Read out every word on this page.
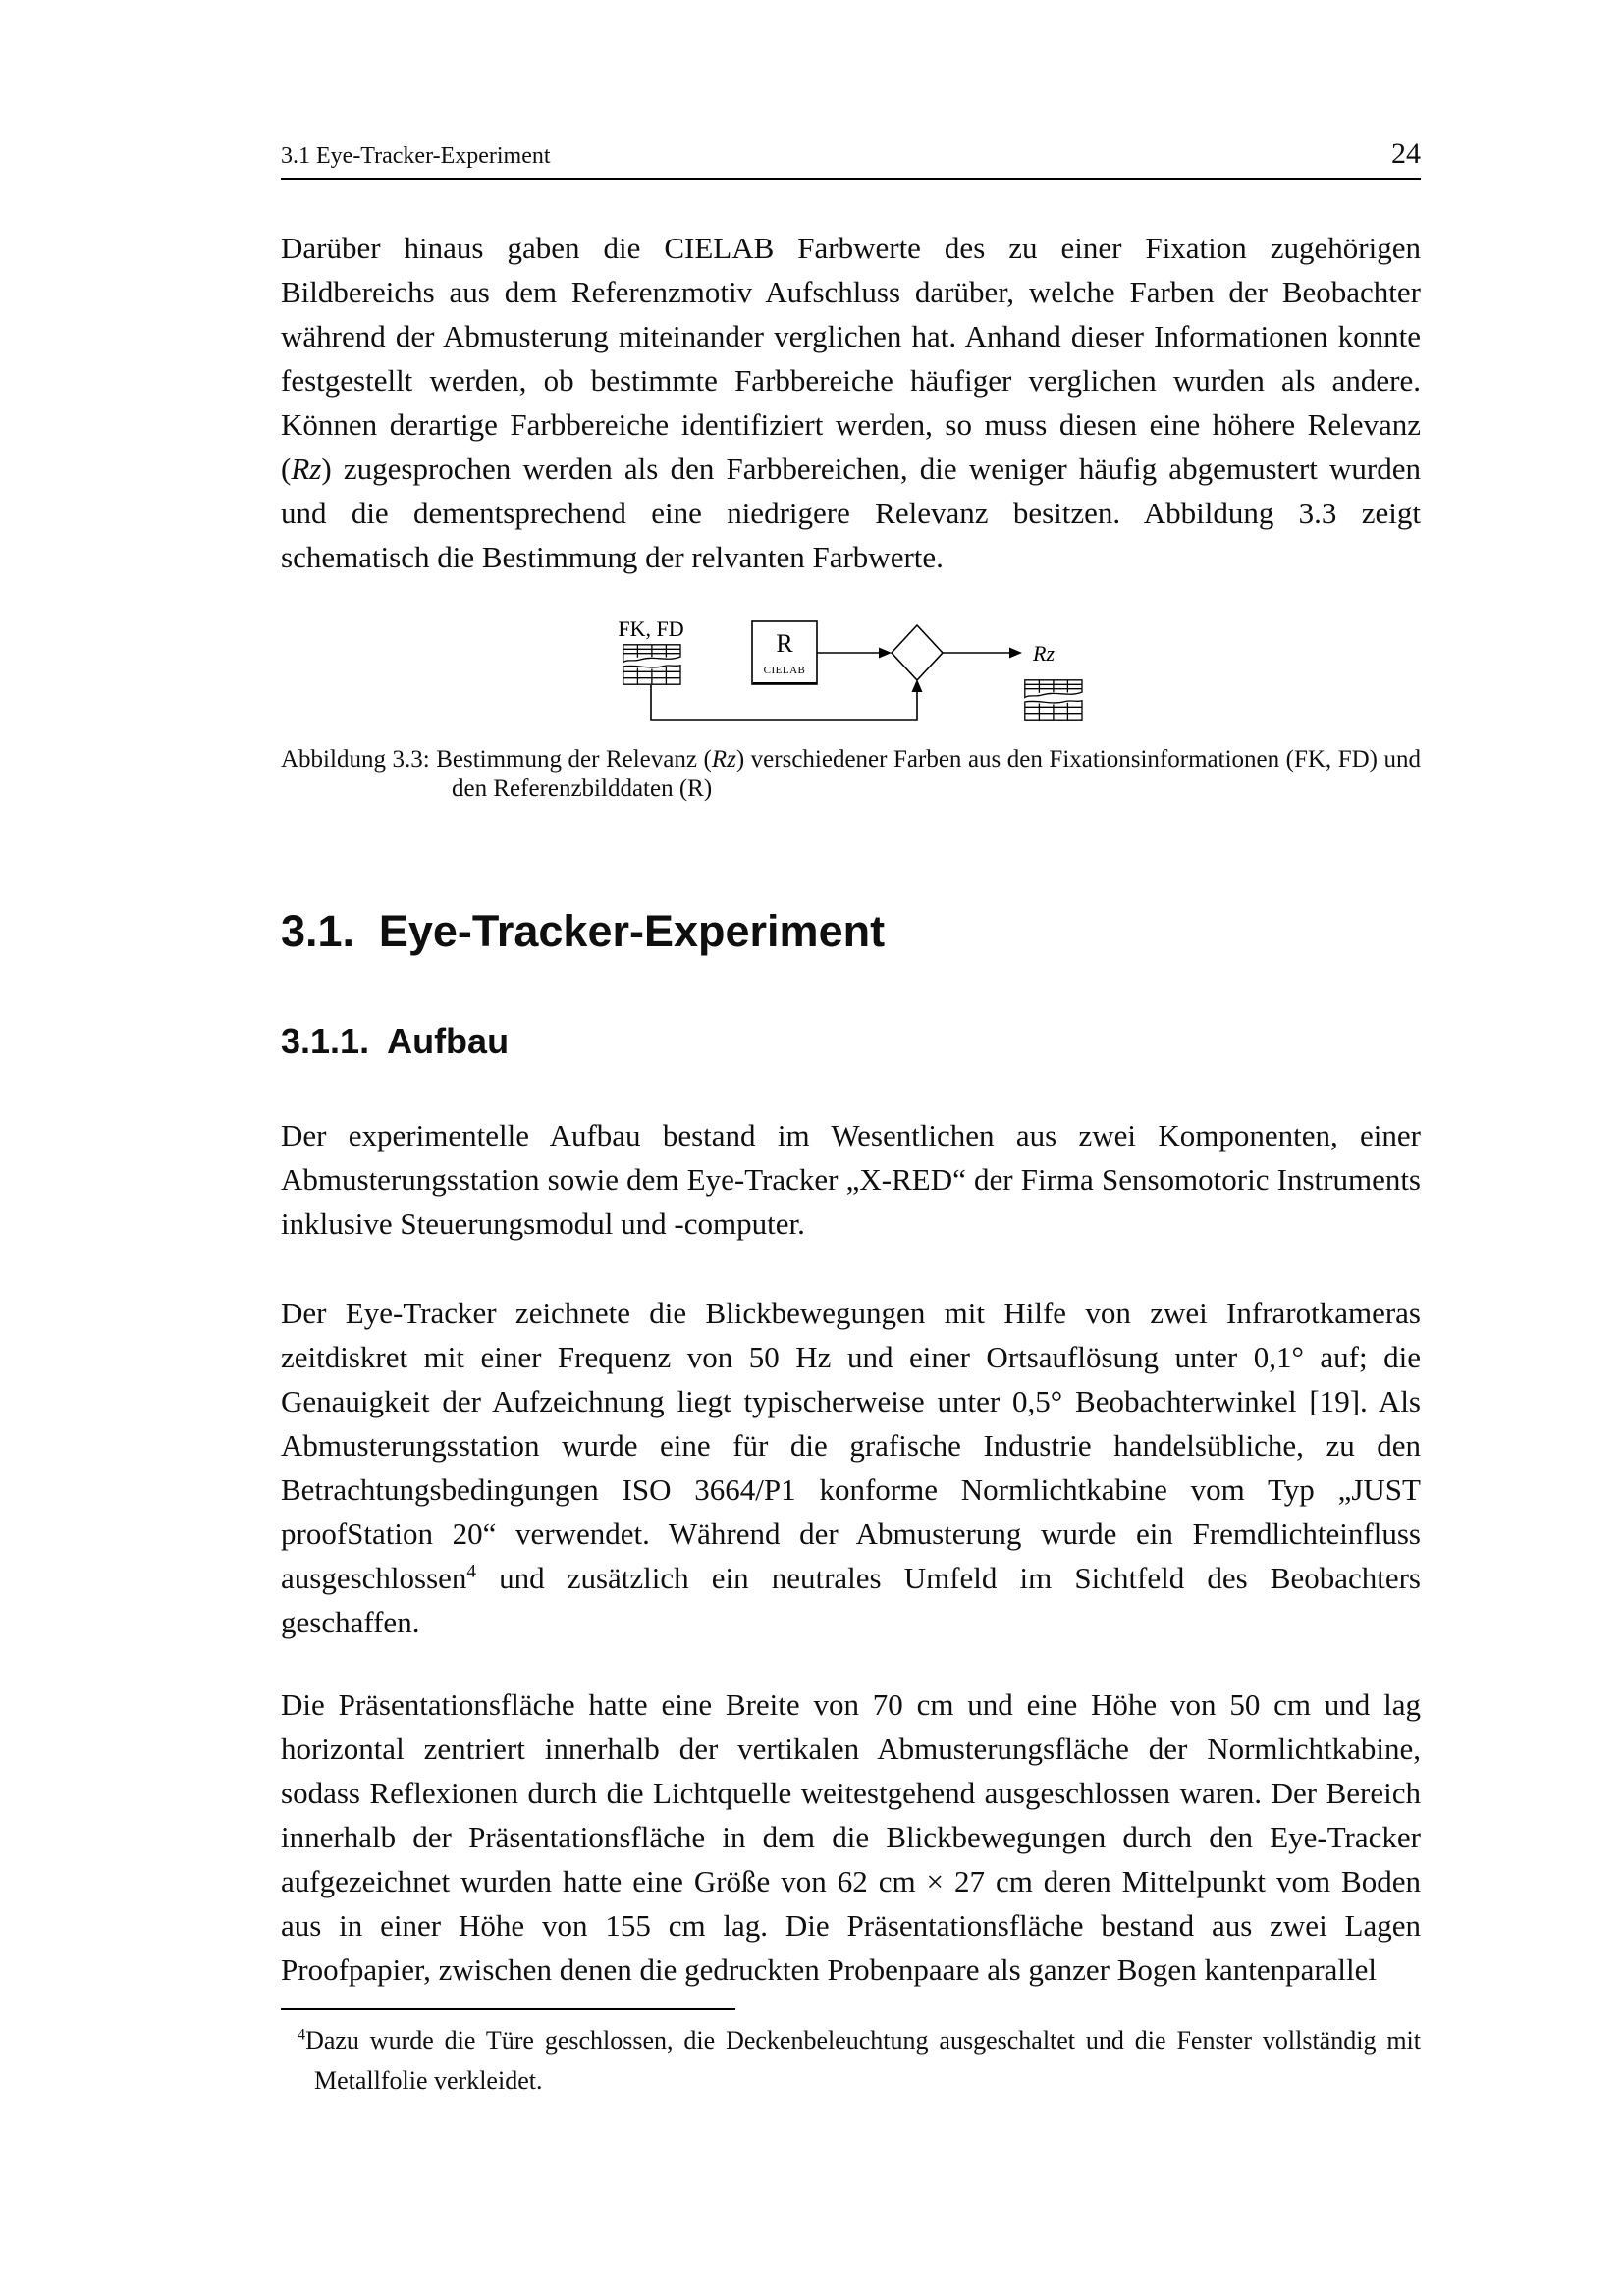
3.1 Eye-Tracker-Experiment	24

Darüber hinaus gaben die CIELAB Farbwerte des zu einer Fixation zugehörigen Bildbereichs aus dem Referenzmotiv Aufschluss darüber, welche Farben der Beobachter während der Abmusterung miteinander verglichen hat. Anhand dieser Informationen konnte festgestellt werden, ob bestimmte Farbbereiche häufiger verglichen wurden als andere. Können derartige Farbbereiche identifiziert werden, so muss diesen eine höhere Relevanz (Rz) zugesprochen werden als den Farbbereichen, die weniger häufig abgemustert wurden und die dementsprechend eine niedrigere Relevanz besitzen. Abbildung 3.3 zeigt schematisch die Bestimmung der relvanten Farbwerte.

FK, FD
R
CIELAB
Rz

Abbildung 3.3: Bestimmung der Relevanz (Rz) verschiedener Farben aus den Fixationsinformationen (FK, FD) und den Referenzbilddaten (R)

3.1. Eye-Tracker-Experiment
3.1.1. Aufbau

Der experimentelle Aufbau bestand im Wesentlichen aus zwei Komponenten, einer Abmusterungsstation sowie dem Eye-Tracker „X-RED“ der Firma Sensomotoric Instruments inklusive Steuerungsmodul und -computer.

Der Eye-Tracker zeichnete die Blickbewegungen mit Hilfe von zwei Infrarotkameras zeitdiskret mit einer Frequenz von 50 Hz und einer Ortsauflösung unter 0,1° auf; die Genauigkeit der Aufzeichnung liegt typischerweise unter 0,5° Beobachterwinkel [19]. Als Abmusterungsstation wurde eine für die grafische Industrie handelsübliche, zu den Betrachtungsbedingungen ISO 3664/P1 konforme Normlichtkabine vom Typ „JUST proofStation 20“ verwendet. Während der Abmusterung wurde ein Fremdlichteinfluss ausgeschlossen$^4$ und zusätzlich ein neutrales Umfeld im Sichtfeld des Beobachters geschaffen.

Die Präsentationsfläche hatte eine Breite von 70 cm und eine Höhe von 50 cm und lag horizontal zentriert innerhalb der vertikalen Abmusterungsfläche der Normlichtkabine, sodass Reflexionen durch die Lichtquelle weitestgehend ausgeschlossen waren. Der Bereich innerhalb der Präsentationsfläche in dem die Blickbewegungen durch den Eye-Tracker aufgezeichnet wurden hatte eine Größe von 62 cm × 27 cm deren Mittelpunkt vom Boden aus in einer Höhe von 155 cm lag. Die Präsentationsfläche bestand aus zwei Lagen Proofpapier, zwischen denen die gedruckten Probenpaare als ganzer Bogen kantenparallel

$^4$Dazu wurde die Türe geschlossen, die Deckenbeleuchtung ausgeschaltet und die Fenster vollständig mit Metallfolie verkleidet.
